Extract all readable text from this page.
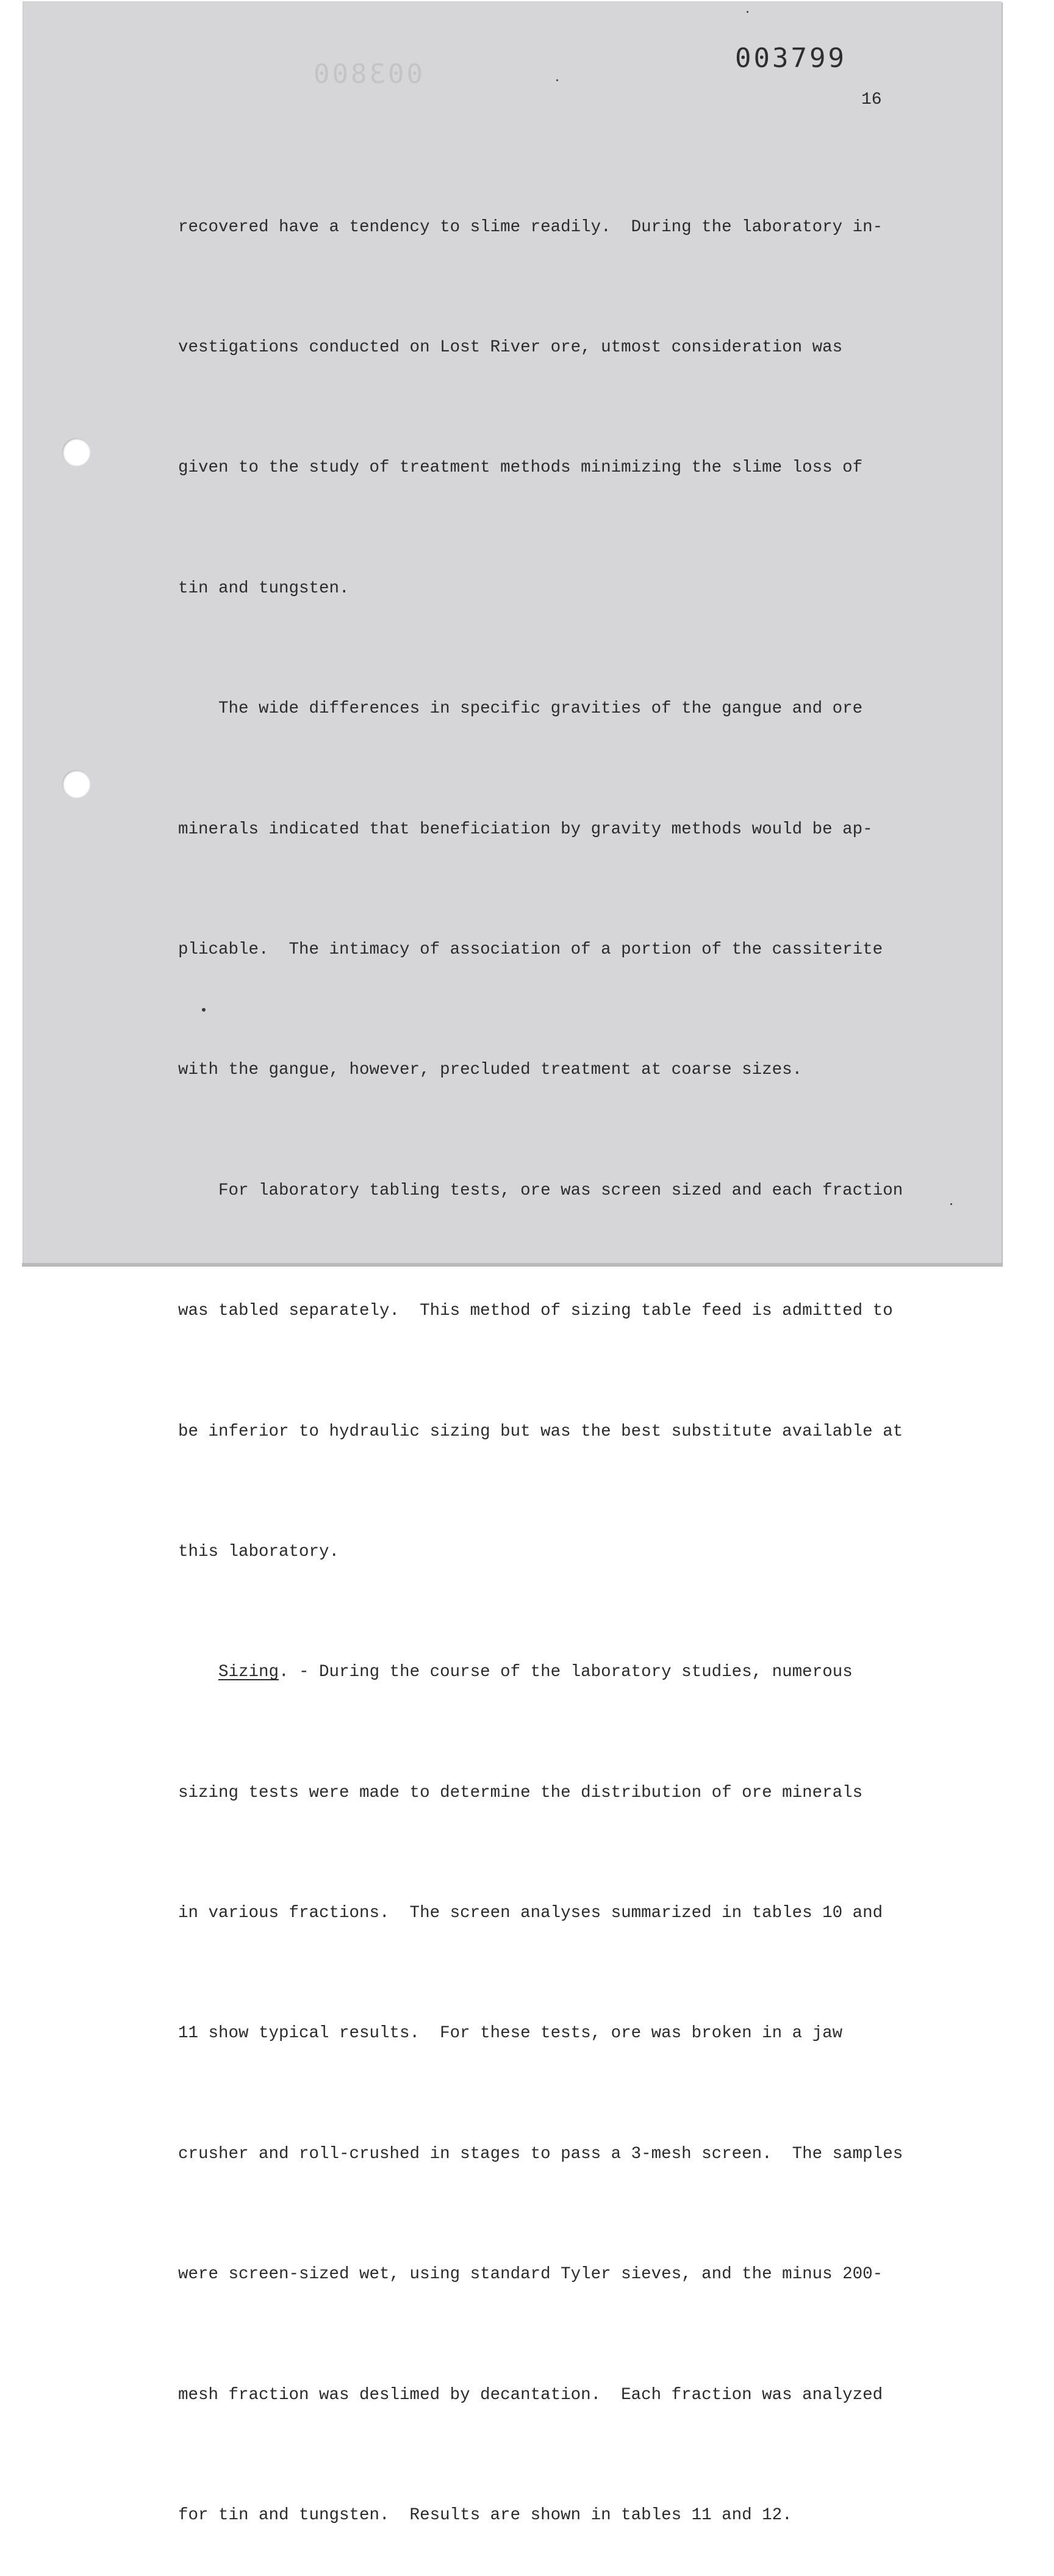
003800
003799
16

recovered have a tendency to slime readily.  During the laboratory in-

vestigations conducted on Lost River ore, utmost consideration was

given to the study of treatment methods minimizing the slime loss of

tin and tungsten.

The wide differences in specific gravities of the gangue and ore

minerals indicated that beneficiation by gravity methods would be ap-

plicable.  The intimacy of association of a portion of the cassiterite

with the gangue, however, precluded treatment at coarse sizes.

For laboratory tabling tests, ore was screen sized and each fraction

was tabled separately.  This method of sizing table feed is admitted to

be inferior to hydraulic sizing but was the best substitute available at

this laboratory.

Sizing. - During the course of the laboratory studies, numerous

sizing tests were made to determine the distribution of ore minerals

in various fractions.  The screen analyses summarized in tables 10 and

11 show typical results.  For these tests, ore was broken in a jaw

crusher and roll-crushed in stages to pass a 3-mesh screen.  The samples

were screen-sized wet, using standard Tyler sieves, and the minus 200-

mesh fraction was deslimed by decantation.  Each fraction was analyzed

for tin and tungsten.  Results are shown in tables 11 and 12.
